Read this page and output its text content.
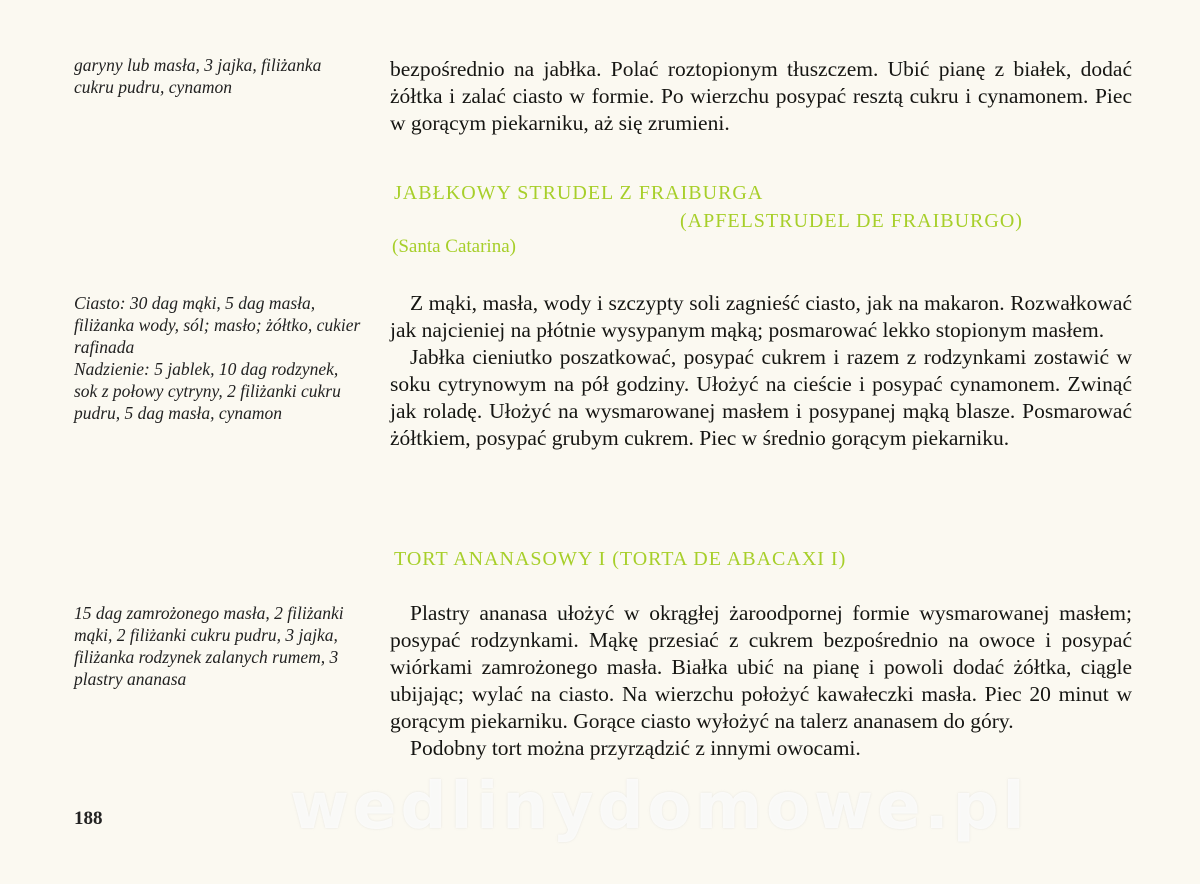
garyny lub masła, 3 jajka, filiżanka cukru pudru, cynamon
Ciasto: 30 dag mąki, 5 dag masła, filiżanka wody, sól; masło; żółtko, cukier rafinada
Nadzienie: 5 jablek, 10 dag rodzynek, sok z połowy cytryny, 2 filiżanki cukru pudru, 5 dag masła, cynamon
15 dag zamrożonego masła, 2 filiżanki mąki, 2 filiżanki cukru pudru, 3 jajka, filiżanka rodzynek zalanych rumem, 3 plastry ananasa

bezpośrednio na jabłka. Polać roztopionym tłuszczem. Ubić pianę z białek, dodać żółtka i zalać ciasto w formie. Po wierzchu posypać resztą cukru i cynamonem. Piec w gorącym piekarniku, aż się zrumieni.

JABŁKOWY STRUDEL Z FRAIBURGA
(APFELSTRUDEL DE FRAIBURGO)
(Santa Catarina)

Z mąki, masła, wody i szczypty soli zagnieść ciasto, jak na makaron. Rozwałkować jak najcieniej na płótnie wysypanym mąką; posmarować lekko stopionym masłem.

Jabłka cieniutko poszatkować, posypać cukrem i razem z rodzynkami zostawić w soku cytrynowym na pół godziny. Ułożyć na cieście i posypać cynamonem. Zwinąć jak roladę. Ułożyć na wysmarowanej masłem i posypanej mąką blasze. Posmarować żółtkiem, posypać grubym cukrem. Piec w średnio gorącym piekarniku.

TORT ANANASOWY I (TORTA DE ABACAXI I)

Plastry ananasa ułożyć w okrągłej żaroodpornej formie wysmarowanej masłem; posypać rodzynkami. Mąkę przesiać z cukrem bezpośrednio na owoce i posypać wiórkami zamrożonego masła. Białka ubić na pianę i powoli dodać żółtka, ciągle ubijając; wylać na ciasto. Na wierzchu położyć kawałeczki masła. Piec 20 minut w gorącym piekarniku. Gorące ciasto wyłożyć na talerz ananasem do góry.

Podobny tort można przyrządzić z innymi owocami.

188	wedlinydomowe.pl
